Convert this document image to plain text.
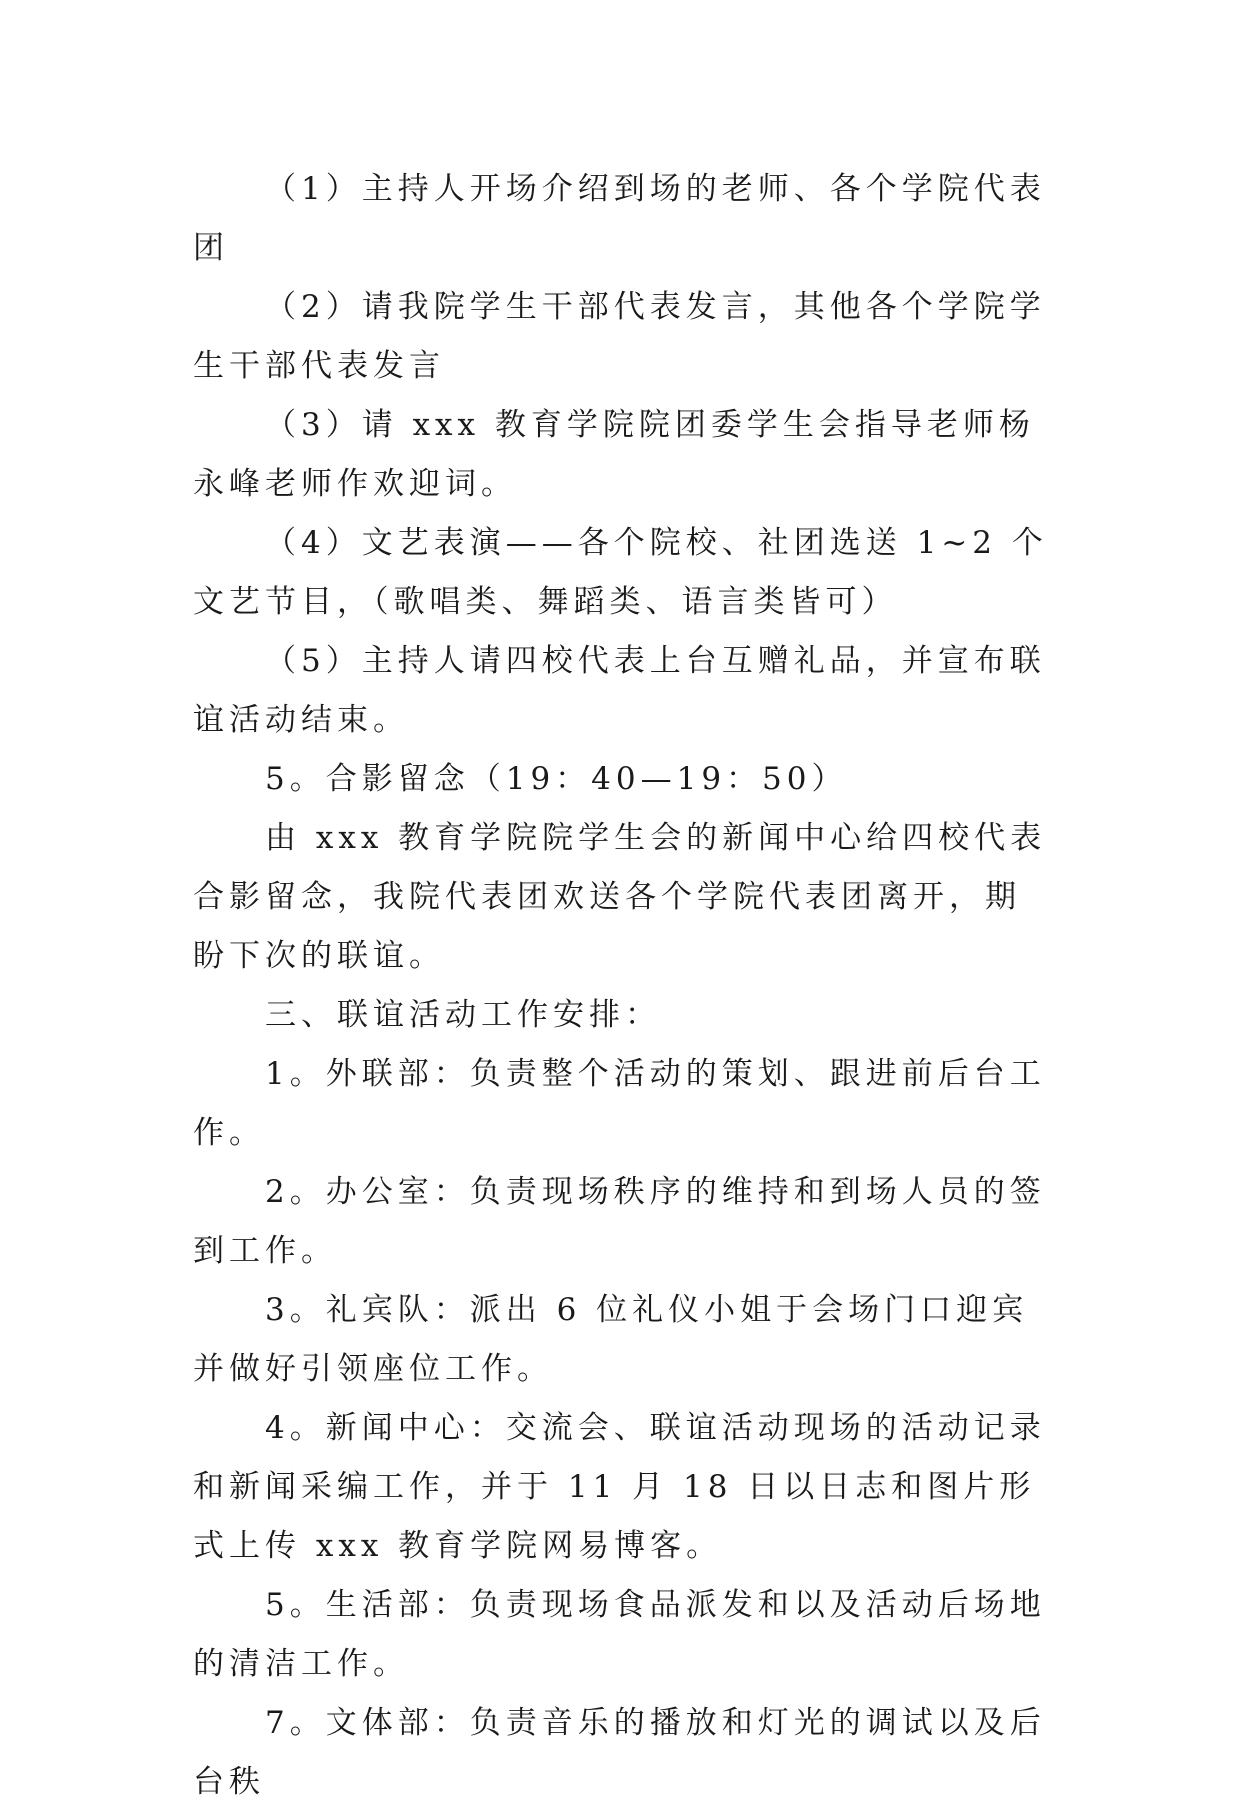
（1）主持人开场介绍到场的老师、各个学院代表团

（2）请我院学生干部代表发言，其他各个学院学生干部代表发言

（3）请 xxx 教育学院院团委学生会指导老师杨永峰老师作欢迎词。

（4）文艺表演——各个院校、社团选送 1~2 个文艺节目，（歌唱类、舞蹈类、语言类皆可）

（5）主持人请四校代表上台互赠礼品，并宣布联谊活动结束。

5。合影留念（19：40—19：50）

由 xxx 教育学院院学生会的新闻中心给四校代表合影留念，我院代表团欢送各个学院代表团离开，期盼下次的联谊。

三、联谊活动工作安排：

1。外联部：负责整个活动的策划、跟进前后台工作。

2。办公室：负责现场秩序的维持和到场人员的签到工作。

3。礼宾队：派出 6 位礼仪小姐于会场门口迎宾并做好引领座位工作。

4。新闻中心：交流会、联谊活动现场的活动记录和新闻采编工作，并于 11 月 18 日以日志和图片形式上传 xxx 教育学院网易博客。

5。生活部：负责现场食品派发和以及活动后场地的清洁工作。

7。文体部：负责音乐的播放和灯光的调试以及后台秩
